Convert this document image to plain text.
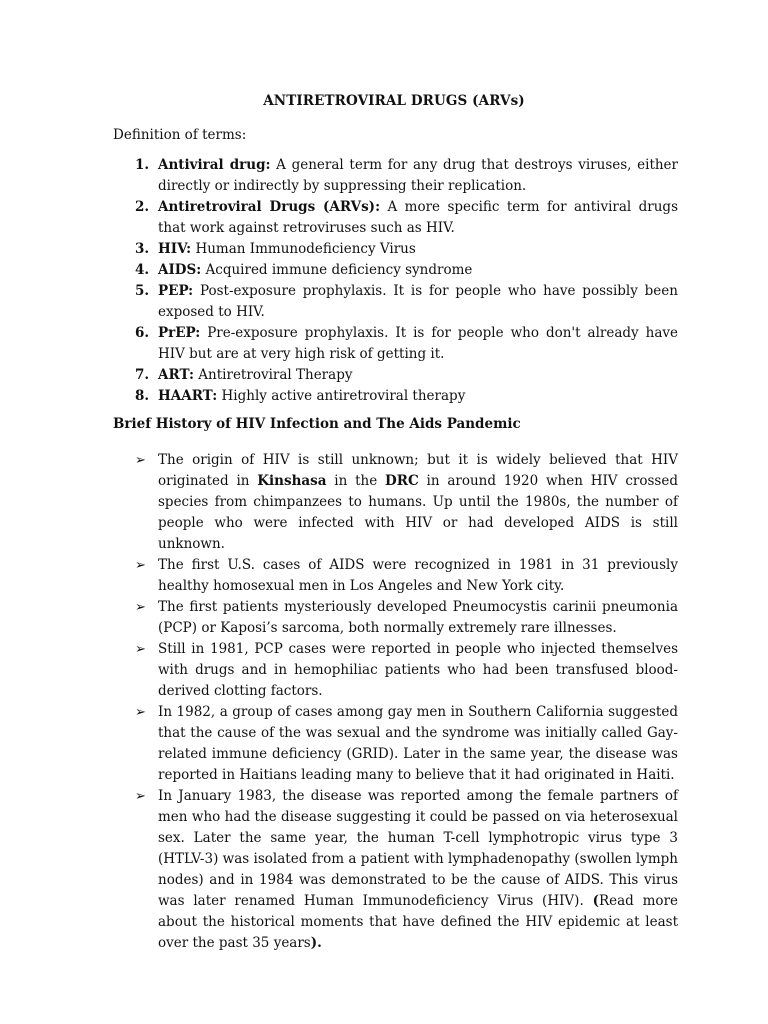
ANTIRETROVIRAL DRUGS (ARVs)
Definition of terms:
1. Antiviral drug: A general term for any drug that destroys viruses, either directly or indirectly by suppressing their replication.
2. Antiretroviral Drugs (ARVs): A more specific term for antiviral drugs that work against retroviruses such as HIV.
3. HIV: Human Immunodeficiency Virus
4. AIDS: Acquired immune deficiency syndrome
5. PEP: Post-exposure prophylaxis. It is for people who have possibly been exposed to HIV.
6. PrEP: Pre-exposure prophylaxis. It is for people who don't already have HIV but are at very high risk of getting it.
7. ART: Antiretroviral Therapy
8. HAART: Highly active antiretroviral therapy
Brief History of HIV Infection and The Aids Pandemic
➢ The origin of HIV is still unknown; but it is widely believed that HIV originated in Kinshasa in the DRC in around 1920 when HIV crossed species from chimpanzees to humans. Up until the 1980s, the number of people who were infected with HIV or had developed AIDS is still unknown.
➢ The first U.S. cases of AIDS were recognized in 1981 in 31 previously healthy homosexual men in Los Angeles and New York city.
➢ The first patients mysteriously developed Pneumocystis carinii pneumonia (PCP) or Kaposi’s sarcoma, both normally extremely rare illnesses.
➢ Still in 1981, PCP cases were reported in people who injected themselves with drugs and in hemophiliac patients who had been transfused blood-derived clotting factors.
➢ In 1982, a group of cases among gay men in Southern California suggested that the cause of the was sexual and the syndrome was initially called Gay-related immune deficiency (GRID). Later in the same year, the disease was reported in Haitians leading many to believe that it had originated in Haiti.
➢ In January 1983, the disease was reported among the female partners of men who had the disease suggesting it could be passed on via heterosexual sex. Later the same year, the human T-cell lymphotropic virus type 3 (HTLV-3) was isolated from a patient with lymphadenopathy (swollen lymph nodes) and in 1984 was demonstrated to be the cause of AIDS. This virus was later renamed Human Immunodeficiency Virus (HIV). (Read more about the historical moments that have defined the HIV epidemic at least over the past 35 years).
